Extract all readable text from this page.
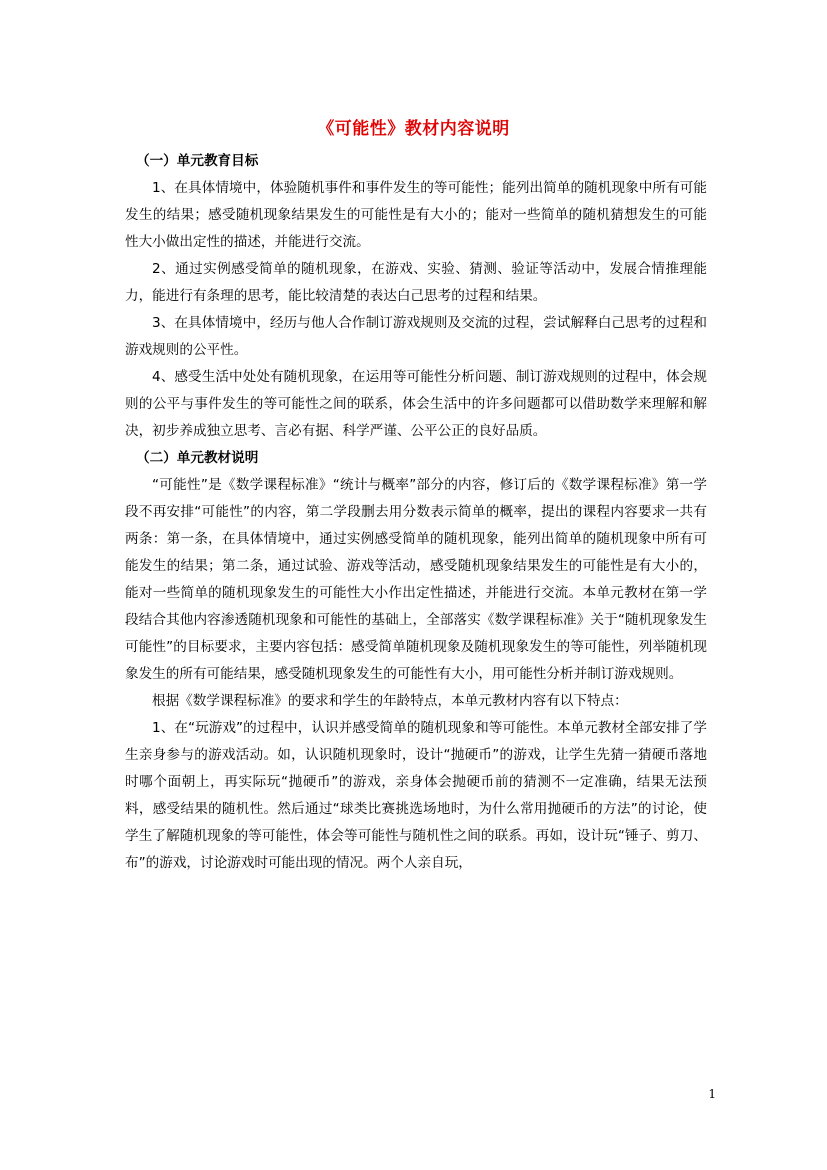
《可能性》教材内容说明

（一）单元教育目标

1、在具体情境中，体验随机事件和事件发生的等可能性；能列出简单的随机现象中所有可能发生的结果；感受随机现象结果发生的可能性是有大小的；能对一些简单的随机猜想发生的可能性大小做出定性的描述，并能进行交流。

2、通过实例感受简单的随机现象，在游戏、实验、猜测、验证等活动中，发展合情推理能力，能进行有条理的思考，能比较清楚的表达白己思考的过程和结果。

3、在具体情境中，经历与他人合作制订游戏规则及交流的过程，尝试解释白己思考的过程和游戏规则的公平性。

4、感受生活中处处有随机现象，在运用等可能性分析问题、制订游戏规则的过程中，体会规则的公平与事件发生的等可能性之间的联系，体会生活中的许多问题都可以借助数学来理解和解决，初步养成独立思考、言必有据、科学严谨、公平公正的良好品质。

（二）单元教材说明

“可能性”是《数学课程标准》“统计与概率”部分的内容，修订后的《数学课程标准》第一学段不再安排“可能性”的内容，第二学段删去用分数表示简单的概率，提出的课程内容要求一共有两条：第一条，在具体情境中，通过实例感受简单的随机现象，能列出简单的随机现象中所有可能发生的结果；第二条，通过试验、游戏等活动，感受随机现象结果发生的可能性是有大小的，能对一些简单的随机现象发生的可能性大小作出定性描述，并能进行交流。本单元教材在第一学段结合其他内容渗透随机现象和可能性的基础上，全部落实《数学课程标准》关于“随机现象发生可能性”的目标要求，主要内容包括：感受简单随机现象及随机现象发生的等可能性，列举随机现象发生的所有可能结果，感受随机现象发生的可能性有大小，用可能性分析并制订游戏规则。

根据《数学课程标准》的要求和学生的年龄特点，本单元教材内容有以下特点：

1、在“玩游戏”的过程中，认识并感受简单的随机现象和等可能性。本单元教材全部安排了学生亲身参与的游戏活动。如，认识随机现象时，设计“抛硬币”的游戏，让学生先猜一猜硬币落地时哪个面朝上，再实际玩“抛硬币”的游戏，亲身体会抛硬币前的猜测不一定准确，结果无法预料，感受结果的随机性。然后通过“球类比赛挑选场地时，为什么常用抛硬币的方法”的讨论，使学生了解随机现象的等可能性，体会等可能性与随机性之间的联系。再如，设计玩“锤子、剪刀、布”的游戏，讨论游戏时可能出现的情况。两个人亲自玩，

1
